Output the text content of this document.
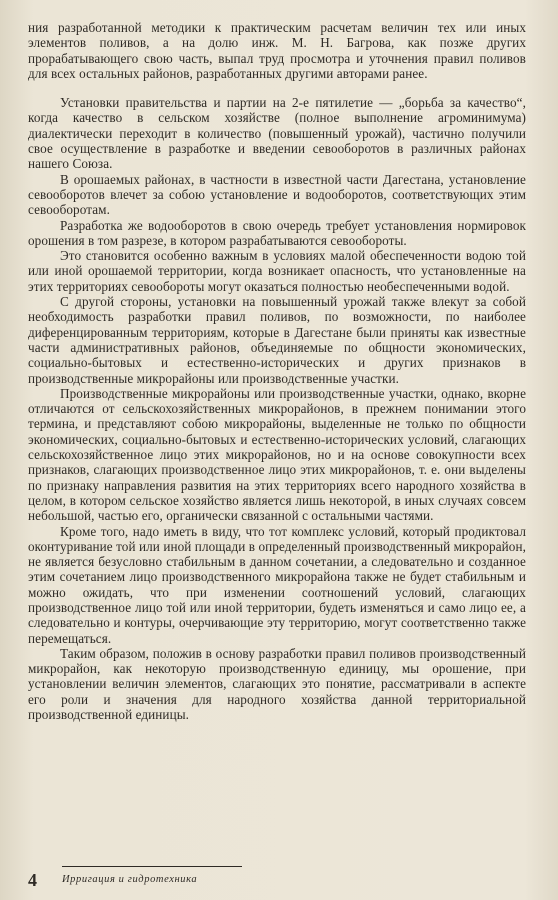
ния разработанной методики к практическим расчетам величин тех или иных элементов поливов, а на долю инж. М. Н. Багрова, как позже других прорабатывающего свою часть, выпал труд просмотра и уточнения правил поливов для всех остальных районов, разработанных другими авторами ранее.

Установки правительства и партии на 2-е пятилетие — „борьба за качество“, когда качество в сельском хозяйстве (полное выполнение агроминимума) диалектически переходит в количество (повышенный урожай), частично получили свое осуществление в разработке и введении севооборотов в различных районах нашего Союза.

В орошаемых районах, в частности в известной части Дагестана, установление севооборотов влечет за собою установление и водооборотов, соответствующих этим севооборотам.

Разработка же водооборотов в свою очередь требует установления нормировок орошения в том разрезе, в котором разрабатываются севообороты.

Это становится особенно важным в условиях малой обеспеченности водою той или иной орошаемой территории, когда возникает опасность, что установленные на этих территориях севообороты могут оказаться полностью необеспеченными водой.

С другой стороны, установки на повышенный урожай также влекут за собой необходимость разработки правил поливов, по возможности, по наиболее диференцированным территориям, которые в Дагестане были приняты как известные части административных районов, объединяемые по общности экономических, социально-бытовых и естественно-исторических и других признаков в производственные микрорайоны или производственные участки.

Производственные микрорайоны или производственные участки, однако, вкорне отличаются от сельскохозяйственных микрорайонов, в прежнем понимании этого термина, и представляют собою микрорайоны, выделенные не только по общности экономических, социально-бытовых и естественно-исторических условий, слагающих сельскохозяйственное лицо этих микрорайонов, но и на основе совокупности всех признаков, слагающих производственное лицо этих микрорайонов, т. е. они выделены по признаку направления развития на этих территориях всего народного хозяйства в целом, в котором сельское хозяйство является лишь некоторой, в иных случаях совсем небольшой, частью его, органически связанной с остальными частями.

Кроме того, надо иметь в виду, что тот комплекс условий, который продиктовал оконтуривание той или иной площади в определенный производственный микрорайон, не является безусловно стабильным в данном сочетании, а следовательно и созданное этим сочетанием лицо производственного микрорайона также не будет стабильным и можно ожидать, что при изменении соотношений условий, слагающих производственное лицо той или иной территории, будеть изменяться и само лицо ее, а следовательно и контуры, очерчивающие эту территорию, могут соответственно также перемещаться.

Таким образом, положив в основу разработки правил поливов производственный микрорайон, как некоторую производственную единицу, мы орошение, при установлении величин элементов, слагающих это понятие, рассматривали в аспекте его роли и значения для народного хозяйства данной территориальной производственной единицы.

4 Ирригация и гидротехника
